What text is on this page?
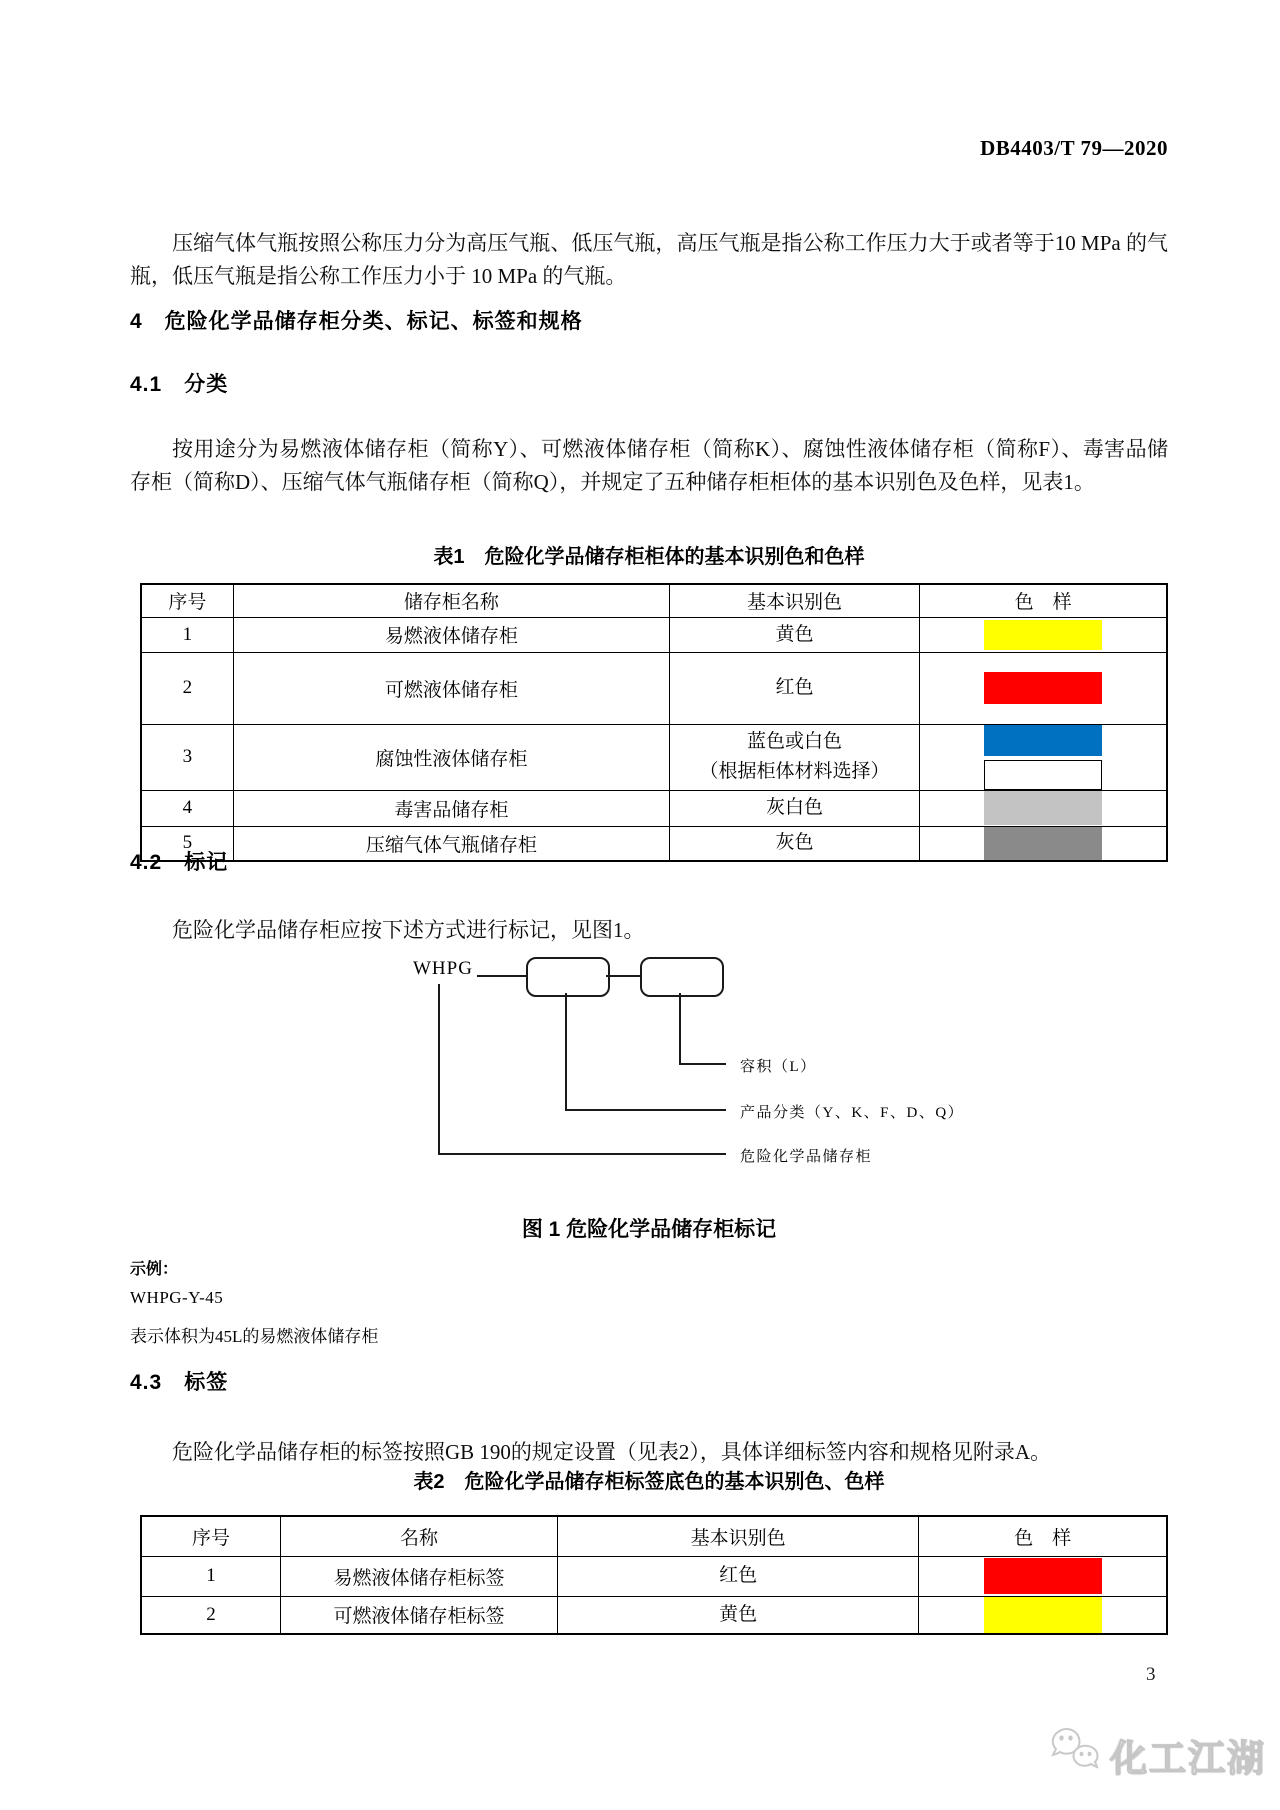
DB4403/T 79—2020

压缩气体气瓶按照公称压力分为高压气瓶、低压气瓶，高压气瓶是指公称工作压力大于或者等于10 MPa 的气瓶，低压气瓶是指公称工作压力小于 10 MPa 的气瓶。

4　危险化学品储存柜分类、标记、标签和规格
4.1　分类

按用途分为易燃液体储存柜（简称Y）、可燃液体储存柜（简称K）、腐蚀性液体储存柜（简称F）、毒害品储存柜（简称D）、压缩气体气瓶储存柜（简称Q），并规定了五种储存柜柜体的基本识别色及色样，见表1。

表1　危险化学品储存柜柜体的基本识别色和色样
序号	储存柜名称	基本识别色	色　样
1	易燃液体储存柜	黄色	

2	可燃液体储存柜	红色	

3	腐蚀性液体储存柜	蓝色或白色
（根据柜体材料选择）	

4	毒害品储存柜	灰白色	

5	压缩气体气瓶储存柜	灰色	

4.2　标记

危险化学品储存柜应按下述方式进行标记，见图1。

WHPG
容积（L）
产品分类（Y、K、F、D、Q）
危险化学品储存柜
图 1 危险化学品储存柜标记
示例：
WHPG-Y-45
表示体积为45L的易燃液体储存柜
4.3　标签

危险化学品储存柜的标签按照GB 190的规定设置（见表2），具体详细标签内容和规格见附录A。

表2　危险化学品储存柜标签底色的基本识别色、色样
序号	名称	基本识别色	色　样
1	易燃液体储存柜标签	红色	

2	可燃液体储存柜标签	黄色	

3
化工江湖
